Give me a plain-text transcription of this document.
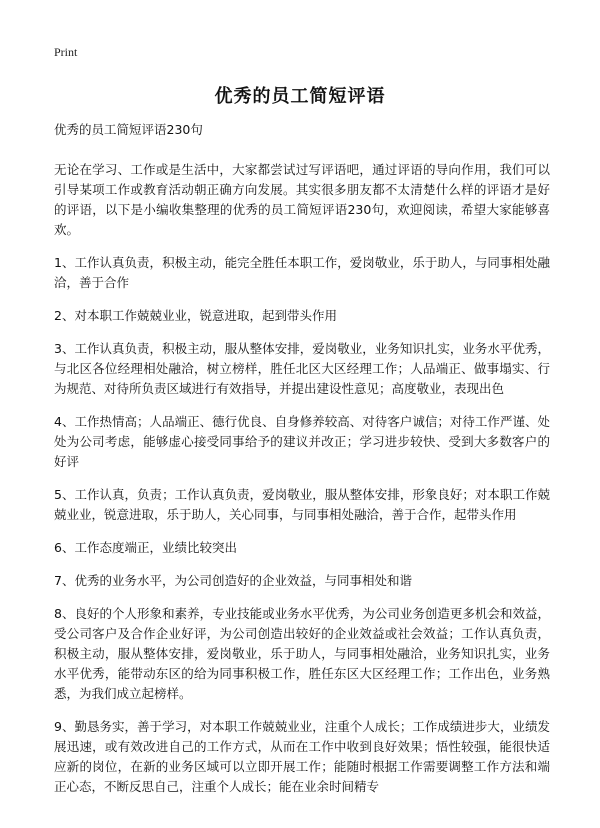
Print
优秀的员工简短评语

优秀的员工简短评语230句

无论在学习、工作或是生活中，大家都尝试过写评语吧，通过评语的导向作用，我们可以引导某项工作或教育活动朝正确方向发展。其实很多朋友都不太清楚什么样的评语才是好的评语，以下是小编收集整理的优秀的员工简短评语230句，欢迎阅读，希望大家能够喜欢。

1、工作认真负责，积极主动，能完全胜任本职工作，爱岗敬业，乐于助人，与同事相处融洽，善于合作

2、对本职工作兢兢业业，锐意进取，起到带头作用

3、工作认真负责，积极主动，服从整体安排，爱岗敬业，业务知识扎实，业务水平优秀，与北区各位经理相处融洽，树立榜样，胜任北区大区经理工作；人品端正、做事塌实、行为规范、对待所负责区域进行有效指导，并提出建设性意见；高度敬业，表现出色

4、工作热情高；人品端正、德行优良、自身修养较高、对待客户诚信；对待工作严谨、处处为公司考虑，能够虚心接受同事给予的建议并改正；学习进步较快、受到大多数客户的好评

5、工作认真，负责；工作认真负责，爱岗敬业，服从整体安排，形象良好；对本职工作兢兢业业，锐意进取，乐于助人，关心同事，与同事相处融洽，善于合作，起带头作用

6、工作态度端正，业绩比较突出

7、优秀的业务水平，为公司创造好的企业效益，与同事相处和谐

8、良好的个人形象和素养，专业技能或业务水平优秀，为公司业务创造更多机会和效益，受公司客户及合作企业好评，为公司创造出较好的企业效益或社会效益；工作认真负责，积极主动，服从整体安排，爱岗敬业，乐于助人，与同事相处融洽，业务知识扎实，业务水平优秀，能带动东区的给为同事积极工作，胜任东区大区经理工作；工作出色，业务熟悉，为我们成立起榜样。

9、勤恳务实，善于学习，对本职工作兢兢业业，注重个人成长；工作成绩进步大，业绩发展迅速，或有效改进自己的工作方式，从而在工作中收到良好效果；悟性较强，能很快适应新的岗位，在新的业务区域可以立即开展工作；能随时根据工作需要调整工作方法和端正心态，不断反思自己，注重个人成长；能在业余时间精专
